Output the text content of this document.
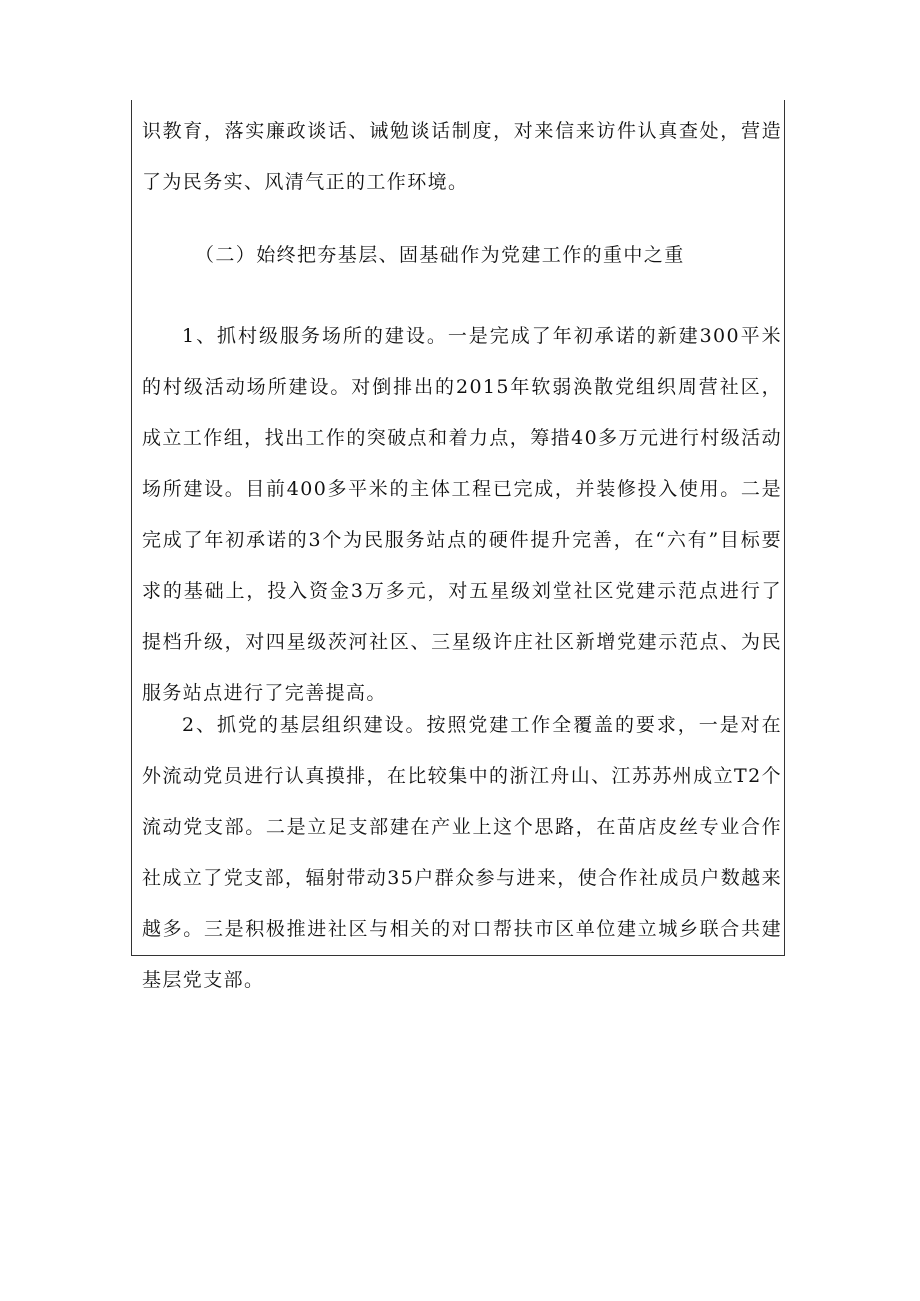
识教育，落实廉政谈话、诫勉谈话制度，对来信来访件认真查处，营造了为民务实、风清气正的工作环境。

（二）始终把夯基层、固基础作为党建工作的重中之重

1、抓村级服务场所的建设。一是完成了年初承诺的新建300平米的村级活动场所建设。对倒排出的2015年软弱涣散党组织周营社区，成立工作组，找出工作的突破点和着力点，筹措40多万元进行村级活动场所建设。目前400多平米的主体工程已完成，并装修投入使用。二是完成了年初承诺的3个为民服务站点的硬件提升完善，在“六有”目标要求的基础上，投入资金3万多元，对五星级刘堂社区党建示范点进行了提档升级，对四星级茨河社区、三星级许庄社区新增党建示范点、为民服务站点进行了完善提高。

2、抓党的基层组织建设。按照党建工作全覆盖的要求，一是对在外流动党员进行认真摸排，在比较集中的浙江舟山、江苏苏州成立T2个流动党支部。二是立足支部建在产业上这个思路，在苗店皮丝专业合作社成立了党支部，辐射带动35户群众参与进来，使合作社成员户数越来越多。三是积极推进社区与相关的对口帮扶市区单位建立城乡联合共建基层党支部。
